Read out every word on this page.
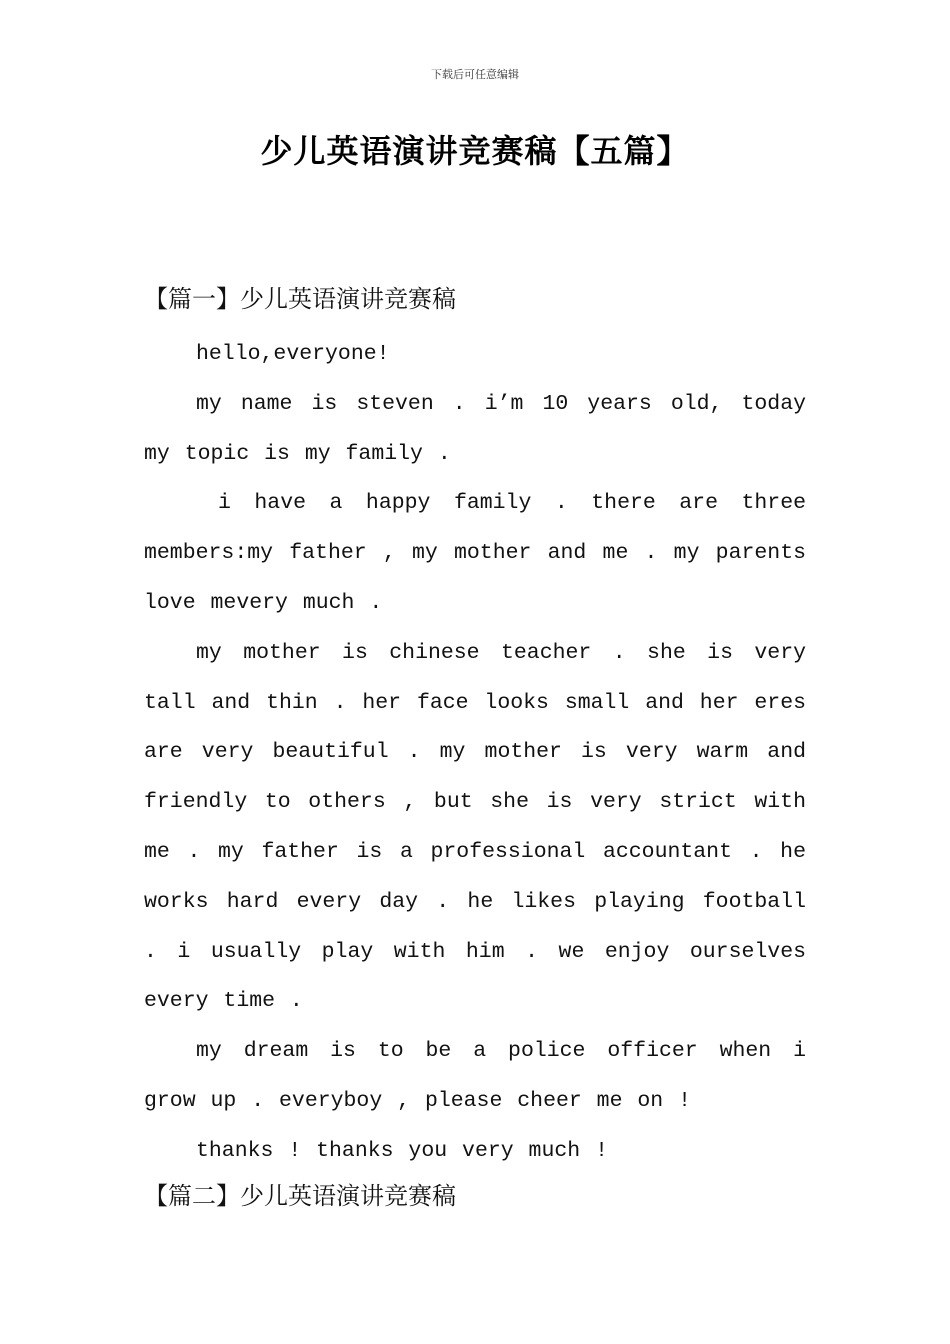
下载后可任意编辑
少儿英语演讲竞赛稿【五篇】
【篇一】少儿英语演讲竞赛稿

hello,everyone!

my name is steven . i’m 10 years old, today my topic is my family .

i have a happy family . there are three members:my father , my mother and me . my parents love mevery much .

my mother is chinese teacher . she is very tall and thin . her face looks small and her eres are very beautiful . my mother is very warm and friendly to others , but she is very strict with me . my father is a professional accountant . he works hard every day . he likes playing football . i usually play with him . we enjoy ourselves every time .

my dream is to be a police officer when i grow up . everyboy , please cheer me on !

thanks ! thanks you very much !

【篇二】少儿英语演讲竞赛稿
